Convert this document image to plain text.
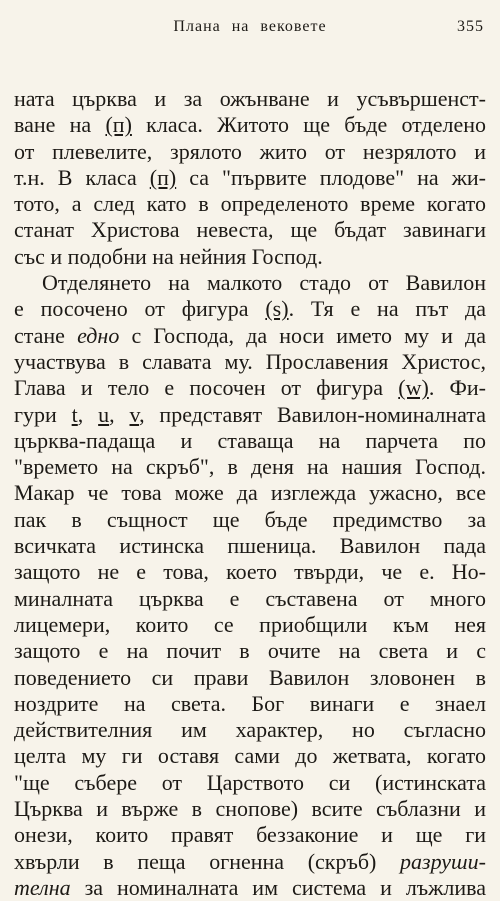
Плана на вековете	355
ната църква и за ожънване и усъвършенст-
ване на (п) класа. Житото ще бъде отделено
от плевелите, зрялото жито от незрялото и
т.н. В класа (п) са "първите плодове" на жи-
тото, а след като в определеното време когато
станат Христова невеста, ще бъдат завинаги
със и подобни на нейния Господ.
Отделянето на малкото стадо от Вавилон
е посочено от фигура (s). Тя е на път да
стане едно с Господа, да носи името му и да
участвува в славата му. Прославения Христос,
Глава и тело е посочен от фигура (w). Фи-
гури t, u, v, представят Вавилон-номиналната
църква-падаща и ставаща на парчета по
"времето на скръб", в деня на нашия Господ.
Макар че това може да изглежда ужасно, все
пак в същност ще бъде предимство за
всичката истинска пшеница. Вавилон пада
защото не е това, което твърди, че е. Но-
миналната църква е съставена от много
лицемери, които се приобщили към нея
защото е на почит в очите на света и с
поведението си прави Вавилон зловонен в
ноздрите на света. Бог винаги е знаел
действителния им характер, но съгласно
целта му ги оставя сами до жетвата, когато
"ще събере от Царството си (истинската
Църква и върже в снопове) всите съблазни и
онези, които правят беззаконие и ще ги
хвърли в пеща огненна (скръб) разруши-
телна за номиналната им система и лъжлива
